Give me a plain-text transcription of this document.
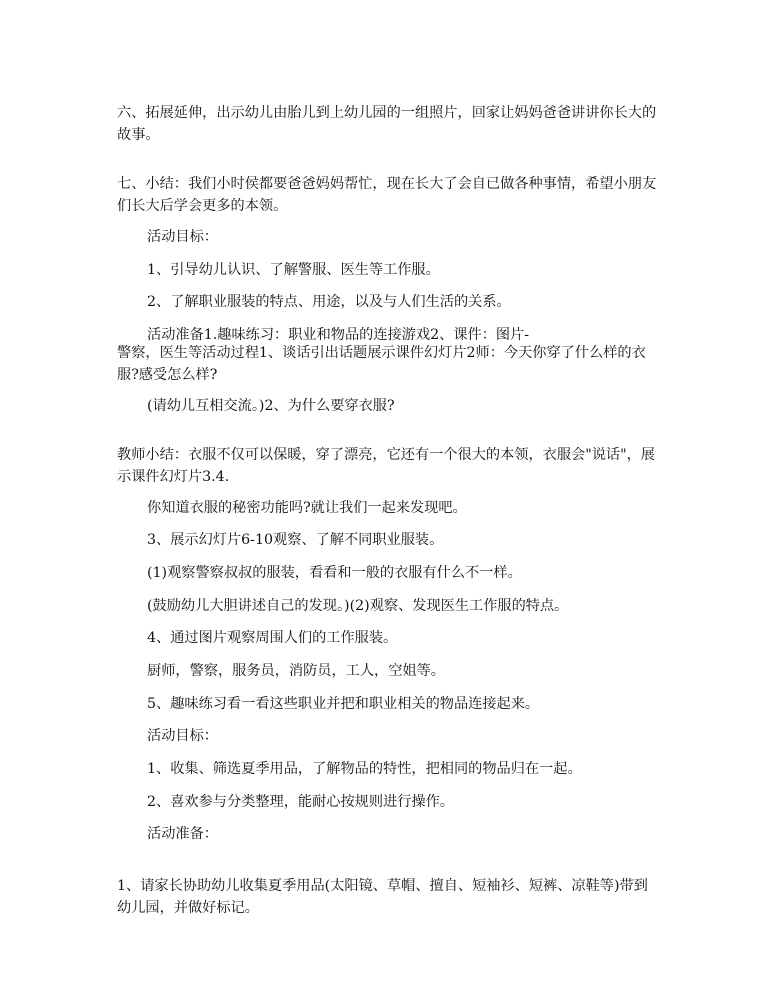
六、拓展延伸，出示幼儿由胎儿到上幼儿园的一组照片，回家让妈妈爸爸讲讲你长大的故事。

七、小结：我们小时侯都要爸爸妈妈帮忙，现在长大了会自已做各种事情，希望小朋友们长大后学会更多的本领。

活动目标：

1、引导幼儿认识、了解警服、医生等工作服。

2、了解职业服装的特点、用途，以及与人们生活的关系。

活动准备1.趣味练习：职业和物品的连接游戏2、课件：图片-

警察，医生等活动过程1、谈话引出话题展示课件幻灯片2师：今天你穿了什么样的衣服?感受怎么样?

(请幼儿互相交流。)2、为什么要穿衣服?

教师小结：衣服不仅可以保暖，穿了漂亮，它还有一个很大的本领，衣服会"说话"，展示课件幻灯片3.4.

你知道衣服的秘密功能吗?就让我们一起来发现吧。

3、展示幻灯片6-10观察、了解不同职业服装。

(1)观察警察叔叔的服装，看看和一般的衣服有什么不一样。

(鼓励幼儿大胆讲述自己的发现。)(2)观察、发现医生工作服的特点。

4、通过图片观察周围人们的工作服装。

厨师，警察，服务员，消防员，工人，空姐等。

5、趣味练习看一看这些职业并把和职业相关的物品连接起来。

活动目标：

1、收集、筛选夏季用品，了解物品的特性，把相同的物品归在一起。

2、喜欢参与分类整理，能耐心按规则进行操作。

活动准备：

1、请家长协助幼儿收集夏季用品(太阳镜、草帽、擅自、短袖衫、短裤、凉鞋等)带到幼儿园，并做好标记。
